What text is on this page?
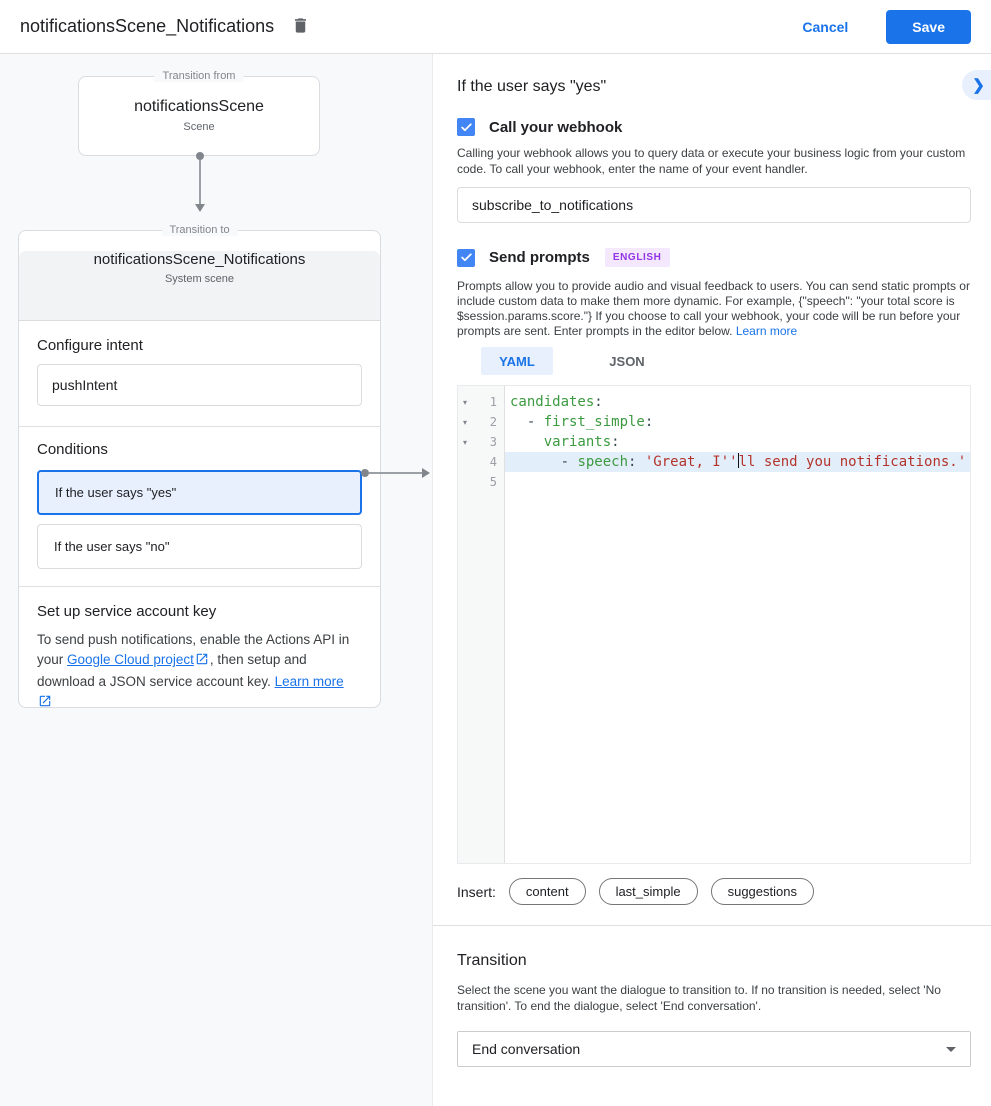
notificationsScene_Notifications	Cancel	Save
Transition from
notificationsScene
Scene
Transition to
notificationsScene_Notifications
System scene
Configure intent
pushIntent
Conditions
If the user says "yes"
If the user says "no"
Set up service account key
To send push notifications, enable the Actions API in your Google Cloud project , then setup and download a JSON service account key. Learn more
If the user says "yes"	❯
Call your webhook
Calling your webhook allows you to query data or execute your business logic from your custom code. To call your webhook, enter the name of your event handler.
subscribe_to_notifications
Send prompts	ENGLISH
Prompts allow you to provide audio and visual feedback to users. You can send static prompts or include custom data to make them more dynamic. For example, {"speech": "your total score is $session.params.score."} If you choose to call your webhook, your code will be run before your prompts are sent. Enter prompts in the editor below. Learn more
YAML	JSON
▾	1
▾	2
▾	3
4
5
candidates:
- first_simple:
variants:
- speech: 'Great, I''ll send you notifications.'
Insert:	content	last_simple	suggestions
Transition
Select the scene you want the dialogue to transition to. If no transition is needed, select 'No transition'. To end the dialogue, select 'End conversation'.
End conversation
